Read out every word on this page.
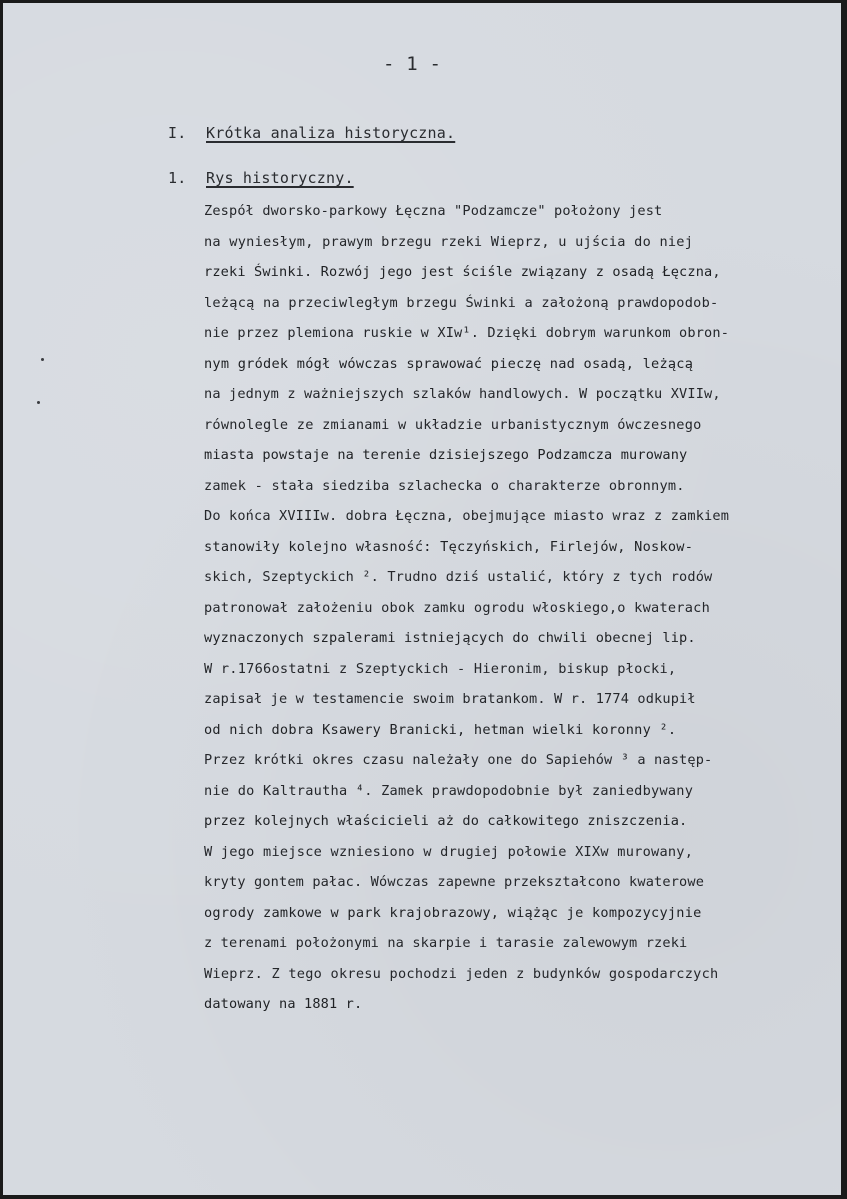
- 1 -
I. Krótka analiza historyczna.
1. Rys historyczny.
Zespół dworsko-parkowy Łęczna "Podzamcze" położony jest
na wyniesłym, prawym brzegu rzeki Wieprz, u ujścia do niej
rzeki Świnki. Rozwój jego jest ściśle związany z osadą Łęczna,
leżącą na przeciwległym brzegu Świnki a założoną prawdopodob-
nie przez plemiona ruskie w XIw¹. Dzięki dobrym warunkom obron-
nym gródek mógł wówczas sprawować pieczę nad osadą, leżącą
na jednym z ważniejszych szlaków handlowych. W początku XVIIw,
równolegle ze zmianami w układzie urbanistycznym ówczesnego
miasta powstaje na terenie dzisiejszego Podzamcza murowany
zamek - stała siedziba szlachecka o charakterze obronnym.
Do końca XVIIIw. dobra Łęczna, obejmujące miasto wraz z zamkiem
stanowiły kolejno własność: Tęczyńskich, Firlejów, Noskow-
skich, Szeptyckich ². Trudno dziś ustalić, który z tych rodów
patronował założeniu obok zamku ogrodu włoskiego,o kwaterach
wyznaczonych szpalerami istniejących do chwili obecnej lip.
W r.1766ostatni z Szeptyckich - Hieronim, biskup płocki,
zapisał je w testamencie swoim bratankom. W r. 1774 odkupił
od nich dobra Ksawery Branicki, hetman wielki koronny ².
Przez krótki okres czasu należały one do Sapiehów ³ a następ-
nie do Kaltrautha ⁴. Zamek prawdopodobnie był zaniedbywany
przez kolejnych właścicieli aż do całkowitego zniszczenia.
W jego miejsce wzniesiono w drugiej połowie XIXw murowany,
kryty gontem pałac. Wówczas zapewne przekształcono kwaterowe
ogrody zamkowe w park krajobrazowy, wiążąc je kompozycyjnie
z terenami położonymi na skarpie i tarasie zalewowym rzeki
Wieprz. Z tego okresu pochodzi jeden z budynków gospodarczych
datowany na 1881 r.
